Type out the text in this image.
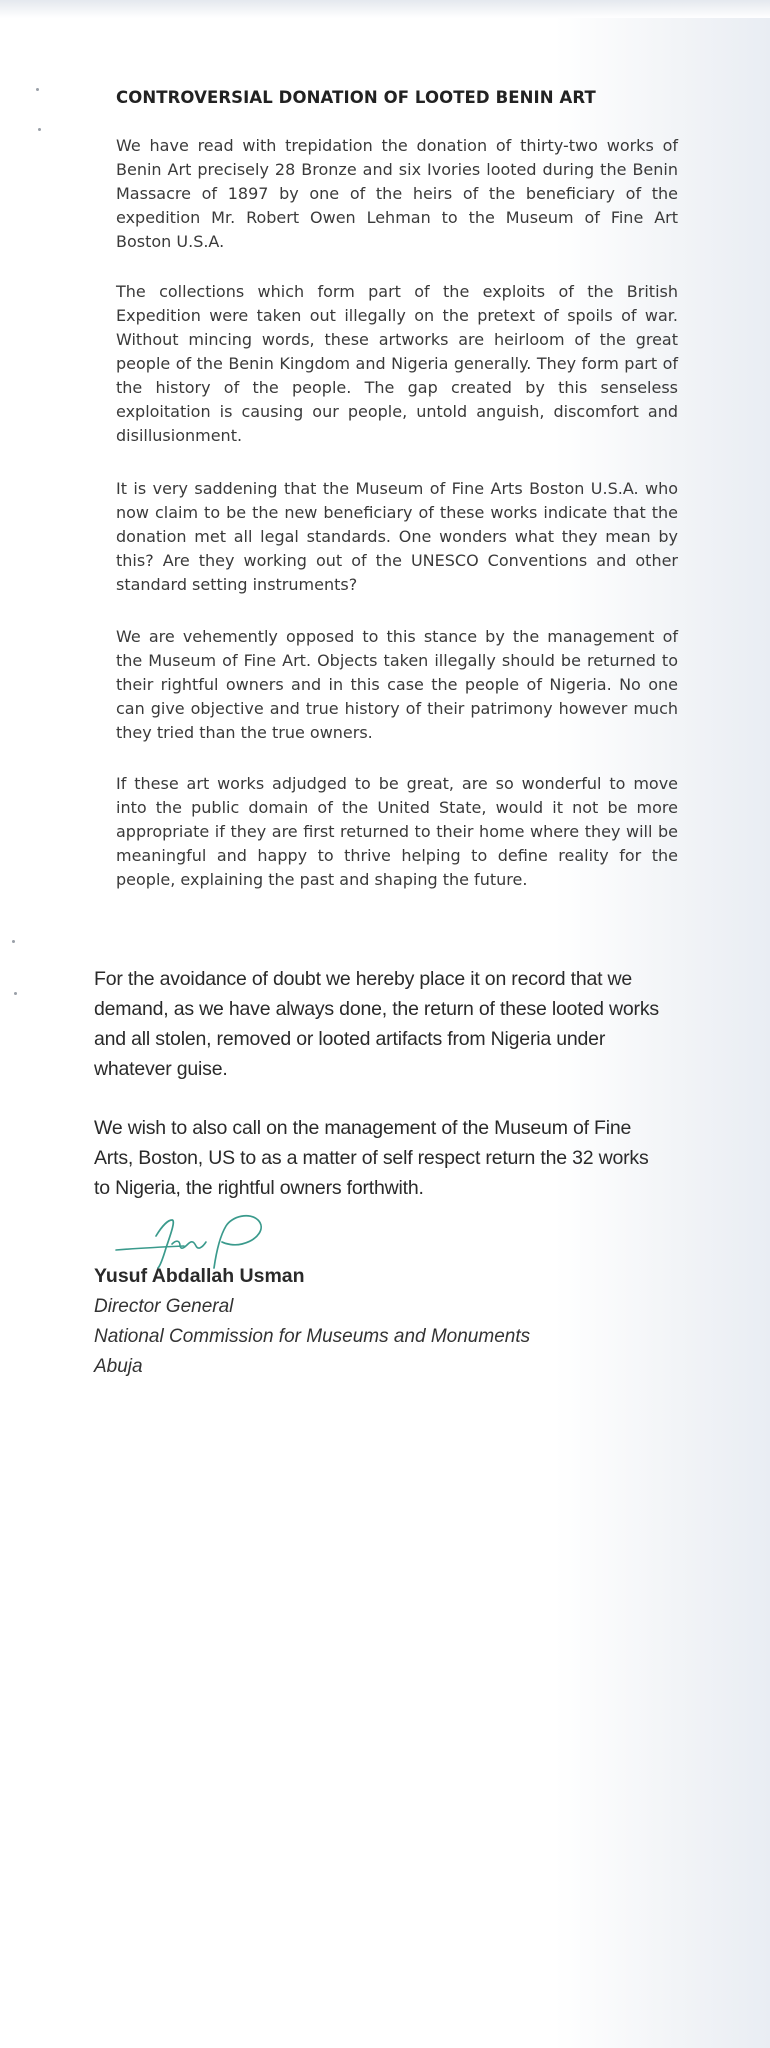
CONTROVERSIAL DONATION OF LOOTED BENIN ART

We have read with trepidation the donation of thirty-two works of Benin Art precisely 28 Bronze and six Ivories looted during the Benin Massacre of 1897 by one of the heirs of the beneficiary of the expedition Mr. Robert Owen Lehman to the Museum of Fine Art Boston U.S.A.

The collections which form part of the exploits of the British Expedition were taken out illegally on the pretext of spoils of war. Without mincing words, these artworks are heirloom of the great people of the Benin Kingdom and Nigeria generally. They form part of the history of the people. The gap created by this senseless exploitation is causing our people, untold anguish, discomfort and disillusionment.

It is very saddening that the Museum of Fine Arts Boston U.S.A. who now claim to be the new beneficiary of these works indicate that the donation met all legal standards. One wonders what they mean by this? Are they working out of the UNESCO Conventions and other standard setting instruments?

We are vehemently opposed to this stance by the management of the Museum of Fine Art. Objects taken illegally should be returned to their rightful owners and in this case the people of Nigeria. No one can give objective and true history of their patrimony however much they tried than the true owners.

If these art works adjudged to be great, are so wonderful to move into the public domain of the United State, would it not be more appropriate if they are first returned to their home where they will be meaningful and happy to thrive helping to define reality for the people, explaining the past and shaping the future.

For the avoidance of doubt we hereby place it on record that we demand, as we have always done, the return of these looted works and all stolen, removed or looted artifacts from Nigeria under whatever guise.

We wish to also call on the management of the Museum of Fine Arts, Boston, US to as a matter of self respect return the 32 works to Nigeria, the rightful owners forthwith.

Yusuf Abdallah Usman
Director General
National Commission for Museums and Monuments
Abuja
